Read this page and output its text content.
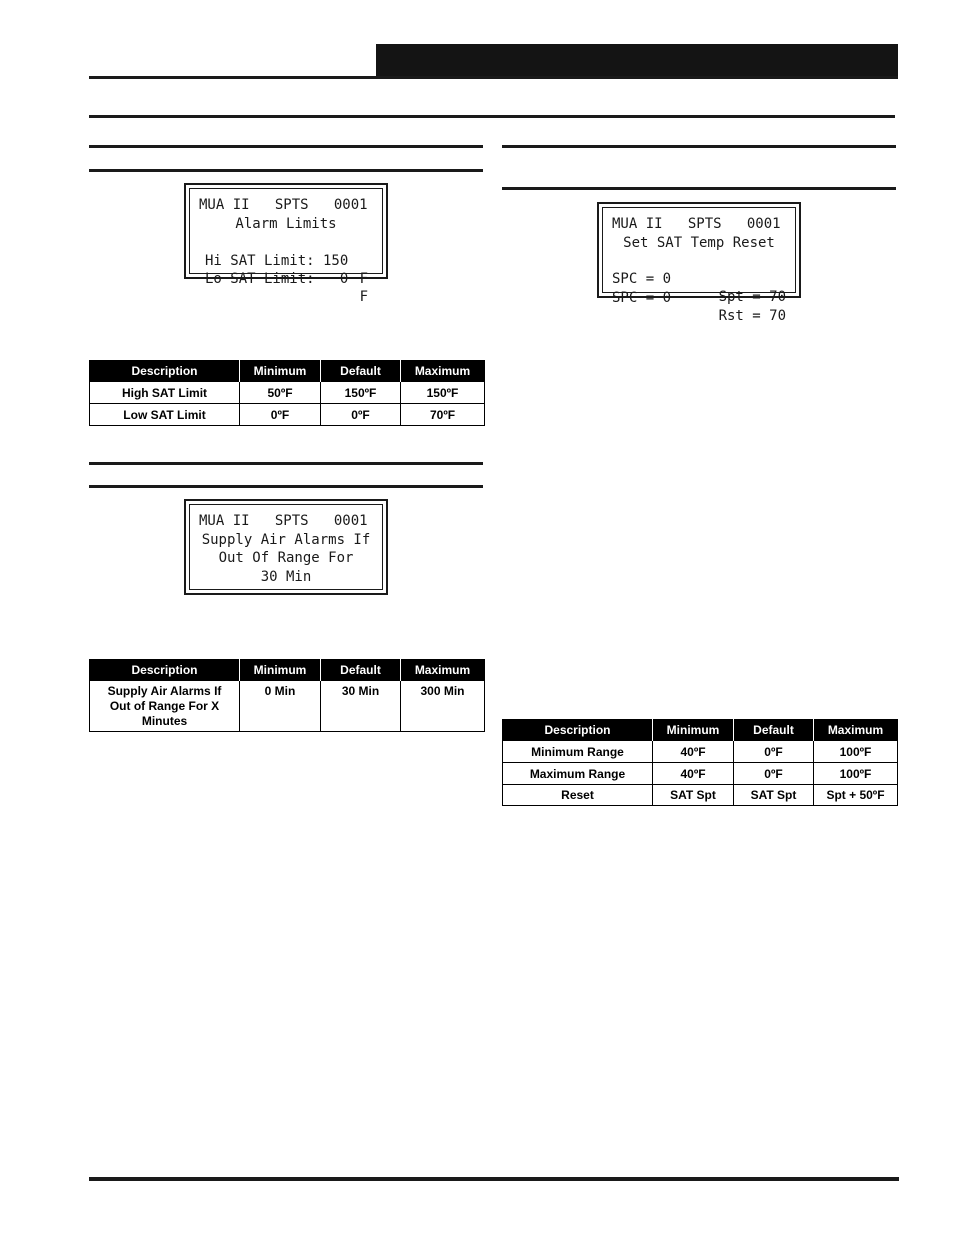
MUA II   SPTS   0001
Alarm Limits

Hi SAT Limit: 150

F

Lo SAT Limit:   0

F

Description	Minimum	Default	Maximum
High SAT Limit	50ºF	150ºF	150ºF
Low SAT Limit	0ºF	0ºF	70ºF
MUA II   SPTS   0001
Supply Air Alarms If
Out Of Range For
30 Min
Description	Minimum	Default	Maximum
Supply Air Alarms If Out of Range For X Minutes	0 Min	30 Min	300 Min
MUA II   SPTS   0001
Set SAT Temp Reset

SPC = 0

Spt = 70

SPC = 0

Rst = 70

Description	Minimum	Default	Maximum
Minimum Range	40ºF	0ºF	100ºF
Maximum Range	40ºF	0ºF	100ºF
Reset	SAT Spt	SAT Spt	Spt + 50ºF
